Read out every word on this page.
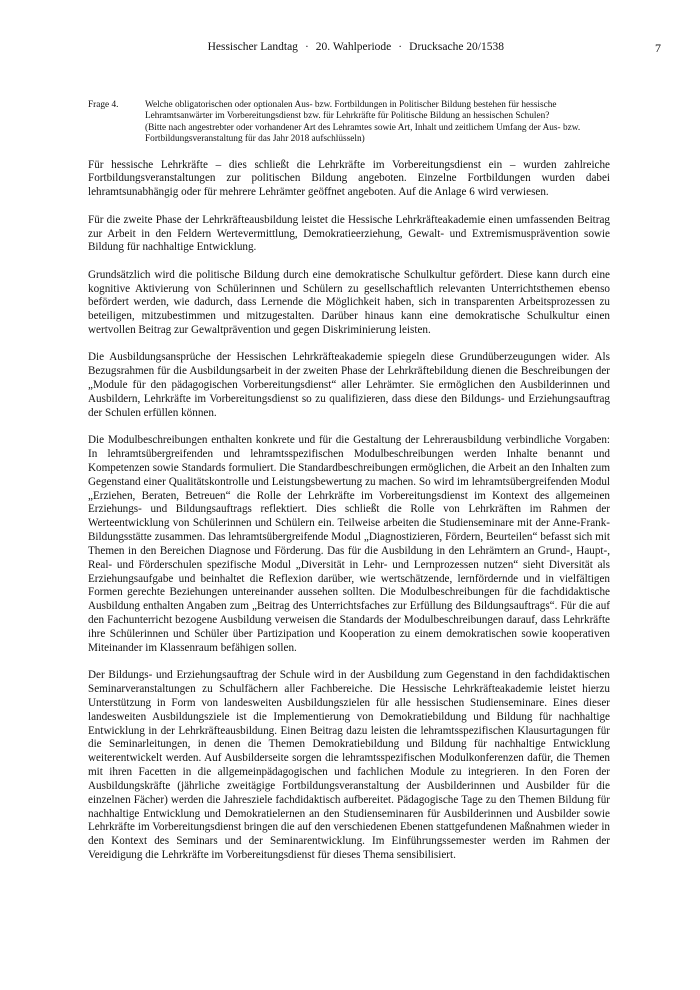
Hessischer Landtag · 20. Wahlperiode · Drucksache 20/1538	7
Frage 4.	Welche obligatorischen oder optionalen Aus- bzw. Fortbildungen in Politischer Bildung bestehen für hessische Lehramtsanwärter im Vorbereitungsdienst bzw. für Lehrkräfte für Politische Bildung an hessischen Schulen?

(Bitte nach angestrebter oder vorhandener Art des Lehramtes sowie Art, Inhalt und zeitlichem Umfang der Aus- bzw. Fortbildungsveranstaltung für das Jahr 2018 aufschlüsseln)

Für hessische Lehrkräfte – dies schließt die Lehrkräfte im Vorbereitungsdienst ein – wurden zahlreiche Fortbildungsveranstaltungen zur politischen Bildung angeboten. Einzelne Fortbildungen wurden dabei lehramtsunabhängig oder für mehrere Lehrämter geöffnet angeboten. Auf die Anlage 6 wird verwiesen.

Für die zweite Phase der Lehrkräfteausbildung leistet die Hessische Lehrkräfteakademie einen umfassenden Beitrag zur Arbeit in den Feldern Wertevermittlung, Demokratieerziehung, Gewalt- und Extremismusprävention sowie Bildung für nachhaltige Entwicklung.

Grundsätzlich wird die politische Bildung durch eine demokratische Schulkultur gefördert. Diese kann durch eine kognitive Aktivierung von Schülerinnen und Schülern zu gesellschaftlich relevanten Unterrichtsthemen ebenso befördert werden, wie dadurch, dass Lernende die Möglichkeit haben, sich in transparenten Arbeitsprozessen zu beteiligen, mitzubestimmen und mitzugestalten. Darüber hinaus kann eine demokratische Schulkultur einen wertvollen Beitrag zur Gewaltprävention und gegen Diskriminierung leisten.

Die Ausbildungsansprüche der Hessischen Lehrkräfteakademie spiegeln diese Grundüberzeugungen wider. Als Bezugsrahmen für die Ausbildungsarbeit in der zweiten Phase der Lehrkräftebildung dienen die Beschreibungen der „Module für den pädagogischen Vorbereitungsdienst“ aller Lehrämter. Sie ermöglichen den Ausbilderinnen und Ausbildern, Lehrkräfte im Vorbereitungsdienst so zu qualifizieren, dass diese den Bildungs- und Erziehungsauftrag der Schulen erfüllen können.

Die Modulbeschreibungen enthalten konkrete und für die Gestaltung der Lehrerausbildung verbindliche Vorgaben: In lehramtsübergreifenden und lehramtsspezifischen Modulbeschreibungen werden Inhalte benannt und Kompetenzen sowie Standards formuliert. Die Standardbeschreibungen ermöglichen, die Arbeit an den Inhalten zum Gegenstand einer Qualitätskontrolle und Leistungsbewertung zu machen. So wird im lehramtsübergreifenden Modul „Erziehen, Beraten, Betreuen“ die Rolle der Lehrkräfte im Vorbereitungsdienst im Kontext des allgemeinen Erziehungs- und Bildungsauftrags reflektiert. Dies schließt die Rolle von Lehrkräften im Rahmen der Werteentwicklung von Schülerinnen und Schülern ein. Teilweise arbeiten die Studienseminare mit der Anne-Frank-Bildungsstätte zusammen. Das lehramtsübergreifende Modul „Diagnostizieren, Fördern, Beurteilen“ befasst sich mit Themen in den Bereichen Diagnose und Förderung. Das für die Ausbildung in den Lehrämtern an Grund-, Haupt-, Real- und Förderschulen spezifische Modul „Diversität in Lehr- und Lernprozessen nutzen“ sieht Diversität als Erziehungsaufgabe und beinhaltet die Reflexion darüber, wie wertschätzende, lernfördernde und in vielfältigen Formen gerechte Beziehungen untereinander aussehen sollten. Die Modulbeschreibungen für die fachdidaktische Ausbildung enthalten Angaben zum „Beitrag des Unterrichtsfaches zur Erfüllung des Bildungsauftrags“. Für die auf den Fachunterricht bezogene Ausbildung verweisen die Standards der Modulbeschreibungen darauf, dass Lehrkräfte ihre Schülerinnen und Schüler über Partizipation und Kooperation zu einem demokratischen sowie kooperativen Miteinander im Klassenraum befähigen sollen.

Der Bildungs- und Erziehungsauftrag der Schule wird in der Ausbildung zum Gegenstand in den fachdidaktischen Seminarveranstaltungen zu Schulfächern aller Fachbereiche. Die Hessische Lehrkräfteakademie leistet hierzu Unterstützung in Form von landesweiten Ausbildungszielen für alle hessischen Studienseminare. Eines dieser landesweiten Ausbildungsziele ist die Implementierung von Demokratiebildung und Bildung für nachhaltige Entwicklung in der Lehrkräfteausbildung. Einen Beitrag dazu leisten die lehramtsspezifischen Klausurtagungen für die Seminarleitungen, in denen die Themen Demokratiebildung und Bildung für nachhaltige Entwicklung weiterentwickelt werden. Auf Ausbilderseite sorgen die lehramtsspezifischen Modulkonferenzen dafür, die Themen mit ihren Facetten in die allgemeinpädagogischen und fachlichen Module zu integrieren. In den Foren der Ausbildungskräfte (jährliche zweitägige Fortbildungsveranstaltung der Ausbilderinnen und Ausbilder für die einzelnen Fächer) werden die Jahresziele fachdidaktisch aufbereitet. Pädagogische Tage zu den Themen Bildung für nachhaltige Entwicklung und Demokratielernen an den Studienseminaren für Ausbilderinnen und Ausbilder sowie Lehrkräfte im Vorbereitungsdienst bringen die auf den verschiedenen Ebenen stattgefundenen Maßnahmen wieder in den Kontext des Seminars und der Seminarentwicklung. Im Einführungssemester werden im Rahmen der Vereidigung die Lehrkräfte im Vorbereitungsdienst für dieses Thema sensibilisiert.
